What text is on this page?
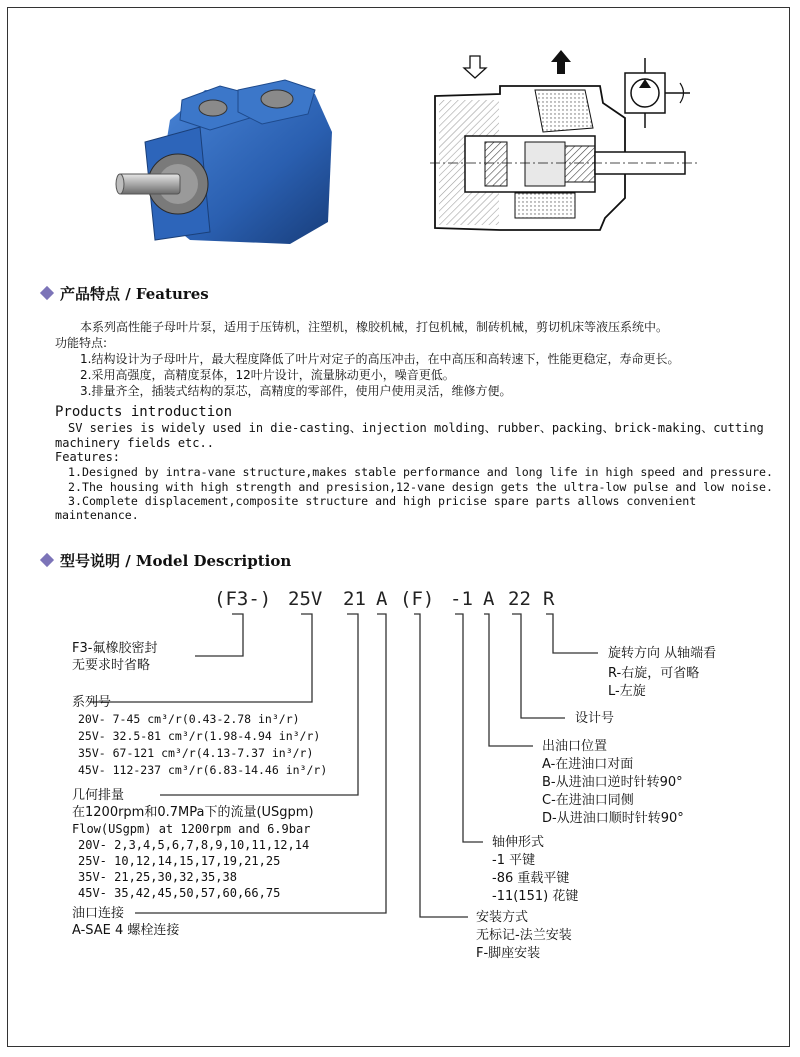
产品特点 / Features
本系列高性能子母叶片泵，适用于压铸机，注塑机，橡胶机械，打包机械，制砖机械，剪切机床等液压系统中。
功能特点:
1.结构设计为子母叶片，最大程度降低了叶片对定子的高压冲击，在中高压和高转速下，性能更稳定，寿命更长。
2.采用高强度，高精度泵体，12叶片设计，流量脉动更小，噪音更低。
3.排量齐全，插装式结构的泵芯，高精度的零部件，使用户使用灵活，维修方便。
Products introduction
SV series is widely used in die-casting、injection molding、rubber、packing、brick-making、cutting
machinery fields etc..
Features:
1.Designed by intra-vane structure,makes stable performance and long life in high speed and pressure.
2.The housing with high strength and presision,12-vane design gets the ultra-low pulse and low noise.
3.Complete displacement,composite structure and high pricise spare parts allows convenient
maintenance.
型号说明 / Model Description
(F3-) 25V 21 A (F) -1 A 22 R
F3-氟橡胶密封
无要求时省略
系列号
20V- 7-45 cm³/r(0.43-2.78 in³/r)
25V- 32.5-81 cm³/r(1.98-4.94 in³/r)
35V- 67-121 cm³/r(4.13-7.37 in³/r)
45V- 112-237 cm³/r(6.83-14.46 in³/r)
几何排量
在1200rpm和0.7MPa下的流量(USgpm)
Flow(USgpm) at 1200rpm and 6.9bar
20V- 2,3,4,5,6,7,8,9,10,11,12,14
25V- 10,12,14,15,17,19,21,25
35V- 21,25,30,32,35,38
45V- 35,42,45,50,57,60,66,75
油口连接
A-SAE 4 螺栓连接
旋转方向 从轴端看
R-右旋，可省略
L-左旋
设计号
出油口位置
A-在进油口对面
B-从进油口逆时针转90°
C-在进油口同侧
D-从进油口顺时针转90°
轴伸形式
-1 平键
-86 重载平键
-11(151) 花键
安装方式
无标记-法兰安装
F-脚座安装
